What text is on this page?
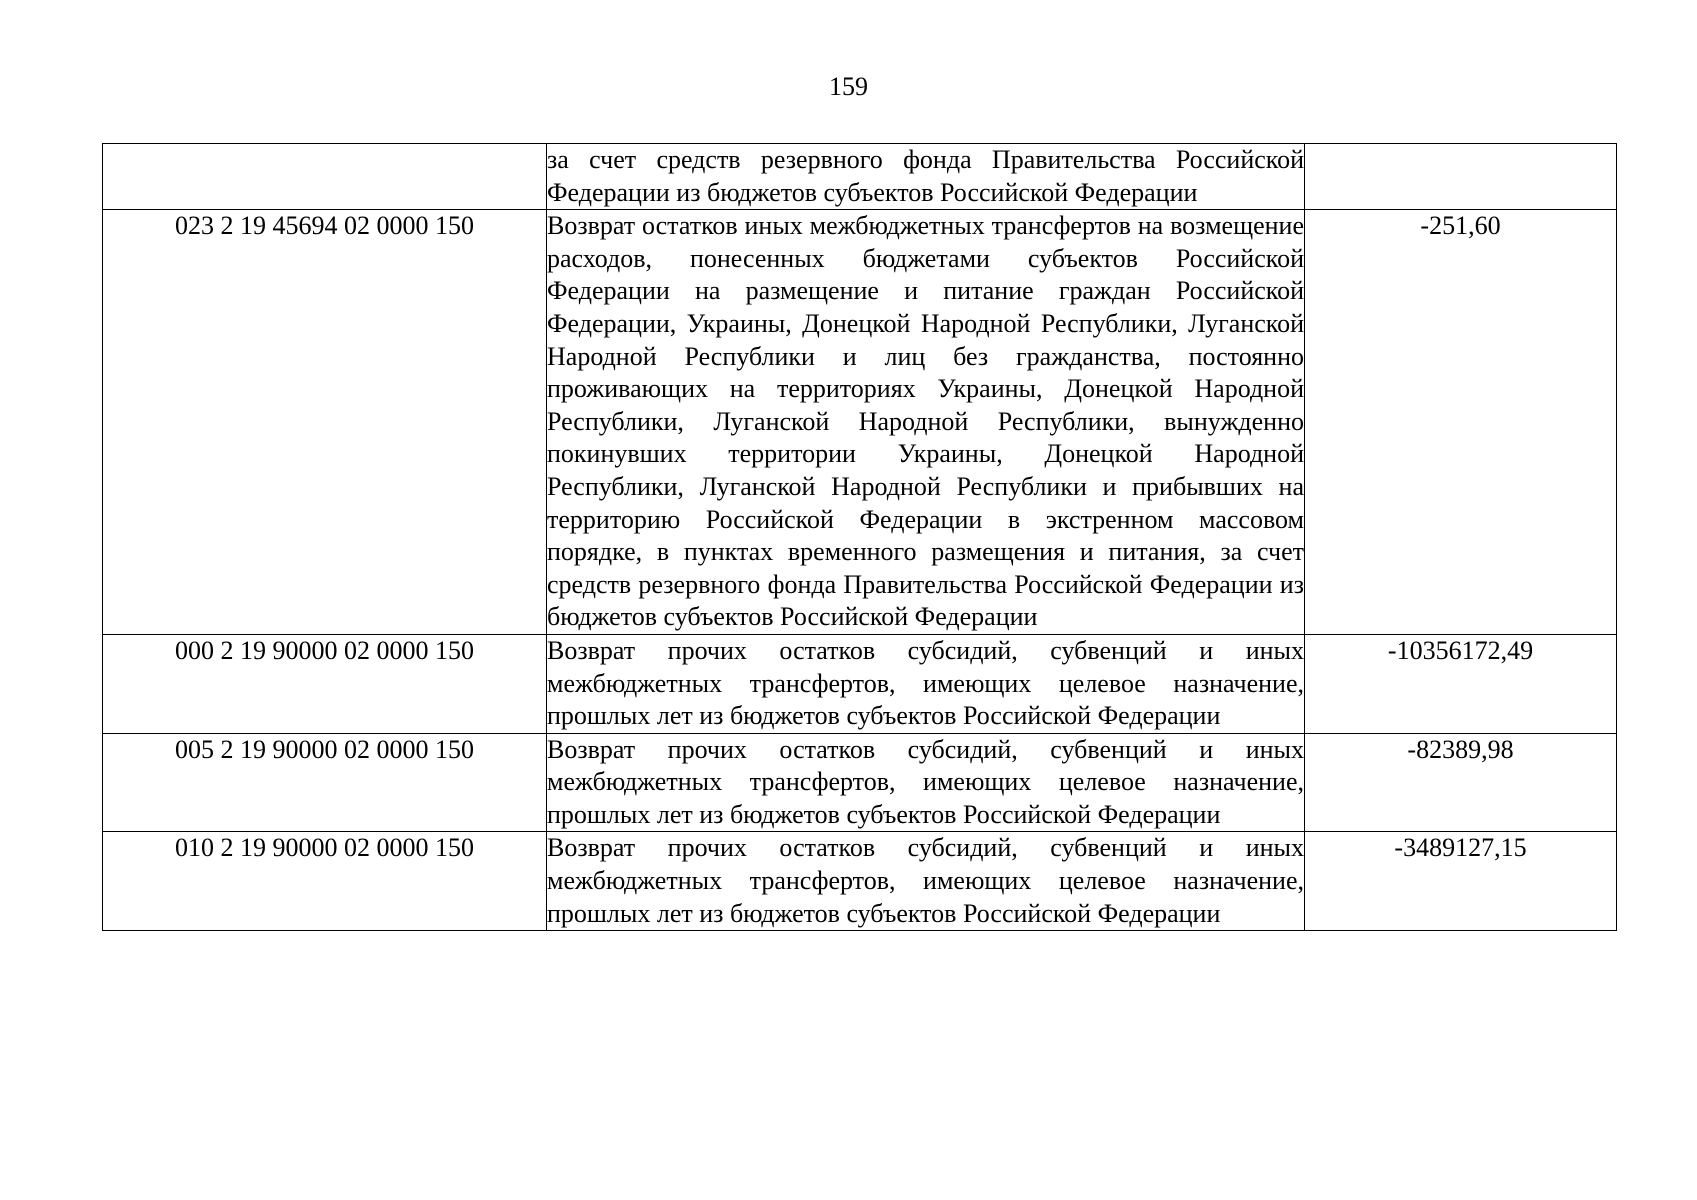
159
	за счет средств резервного фонда Правительства Российской Федерации из бюджетов субъектов Российской Федерации	
023 2 19 45694 02 0000 150	Возврат остатков иных межбюджетных трансфертов на возмещение расходов, понесенных бюджетами субъектов Российской Федерации на размещение и питание граждан Российской Федерации, Украины, Донецкой Народной Республики, Луганской Народной Республики и лиц без гражданства, постоянно проживающих на территориях Украины, Донецкой Народной Республики, Луганской Народной Республики, вынужденно покинувших территории Украины, Донецкой Народной Республики, Луганской Народной Республики и прибывших на территорию Российской Федерации в экстренном массовом порядке, в пунктах временного размещения и питания, за счет средств резервного фонда Правительства Российской Федерации из бюджетов субъектов Российской Федерации	-251,60
000 2 19 90000 02 0000 150	Возврат прочих остатков субсидий, субвенций и иных межбюджетных трансфертов, имеющих целевое назначение, прошлых лет из бюджетов субъектов Российской Федерации	-10356172,49
005 2 19 90000 02 0000 150	Возврат прочих остатков субсидий, субвенций и иных межбюджетных трансфертов, имеющих целевое назначение, прошлых лет из бюджетов субъектов Российской Федерации	-82389,98
010 2 19 90000 02 0000 150	Возврат прочих остатков субсидий, субвенций и иных межбюджетных трансфертов, имеющих целевое назначение, прошлых лет из бюджетов субъектов Российской Федерации	-3489127,15
